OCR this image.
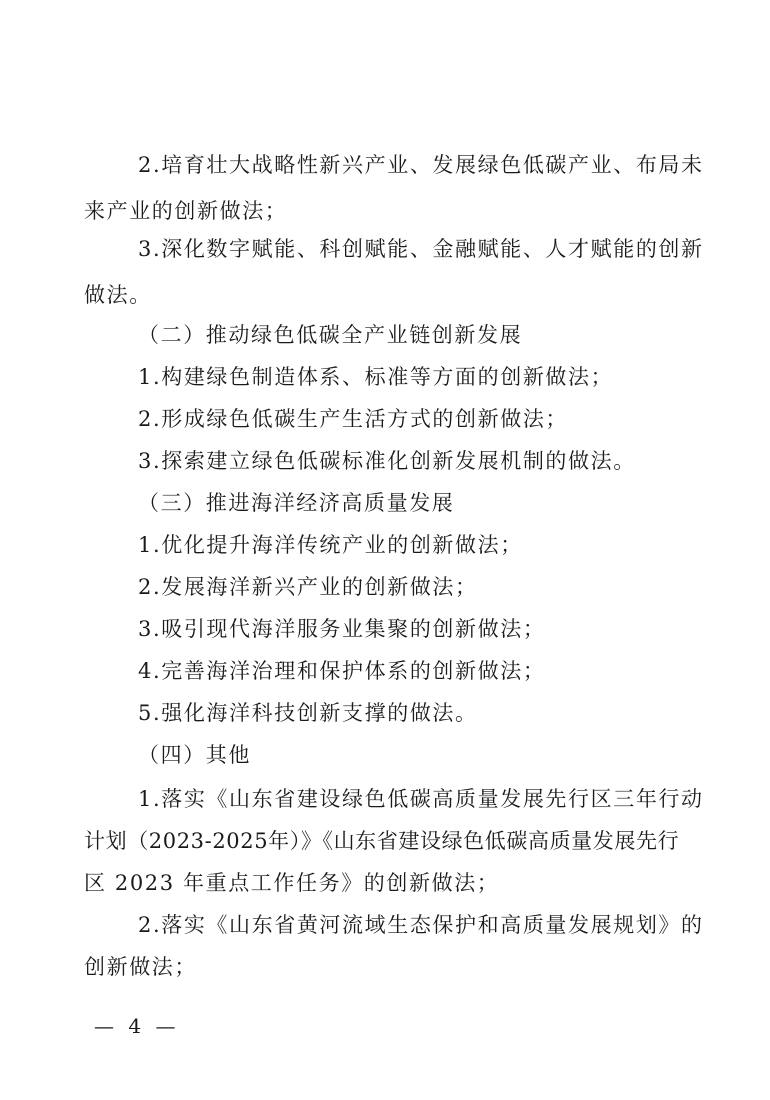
2.培育壮大战略性新兴产业、发展绿色低碳产业、布局未
来产业的创新做法；
3.深化数字赋能、科创赋能、金融赋能、人才赋能的创新
做法。
（二）推动绿色低碳全产业链创新发展
1.构建绿色制造体系、标准等方面的创新做法；
2.形成绿色低碳生产生活方式的创新做法；
3.探索建立绿色低碳标准化创新发展机制的做法。
（三）推进海洋经济高质量发展
1.优化提升海洋传统产业的创新做法；
2.发展海洋新兴产业的创新做法；
3.吸引现代海洋服务业集聚的创新做法；
4.完善海洋治理和保护体系的创新做法；
5.强化海洋科技创新支撑的做法。
（四）其他
1.落实《山东省建设绿色低碳高质量发展先行区三年行动
计划（2023-2025年）》《山东省建设绿色低碳高质量发展先行
区 2023 年重点工作任务》的创新做法；
2.落实《山东省黄河流域生态保护和高质量发展规划》的
创新做法；
— 4 —
